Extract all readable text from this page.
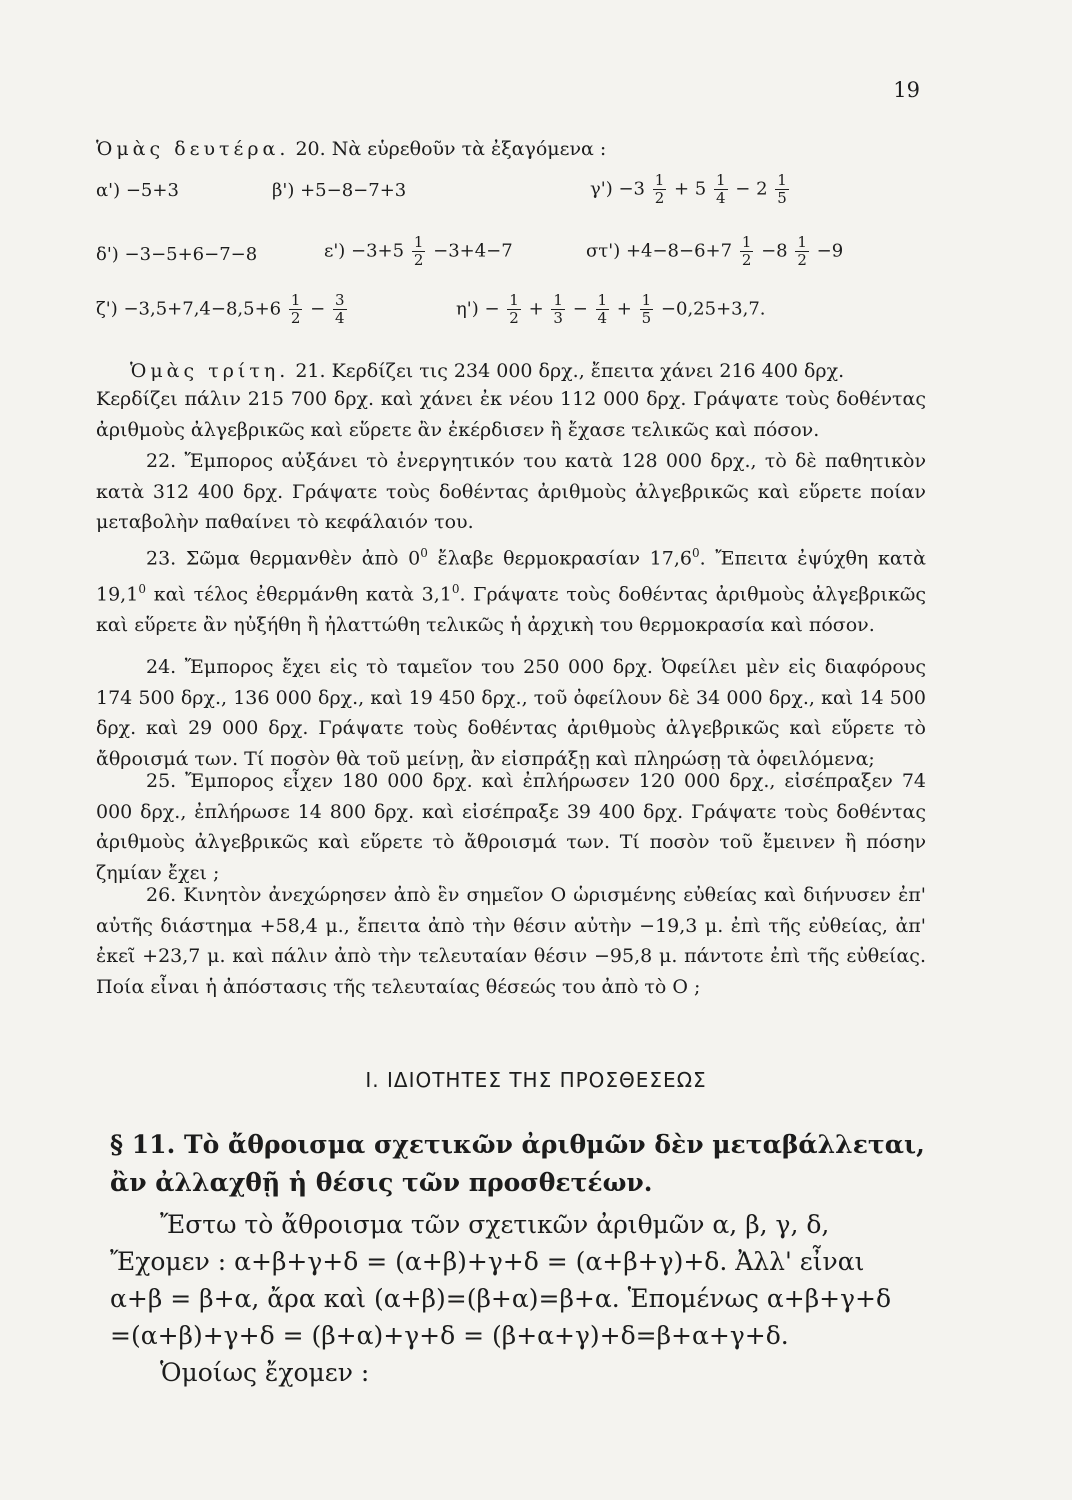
19
Ὁμὰς δευτέρα. 20. Νὰ εὑρεθοῦν τὰ ἐξαγόμενα :
α') −5+3	β') +5−8−7+3	$\gamma') -3 \frac{1}{2} + 5 \frac{1}{4} - 2 \frac{1}{5}$
δ') −3−5+6−7−8	$\varepsilon') -3+5 \frac{1}{2} -3+4-7$	$\sigma\tau') +4-8-6+7 \frac{1}{2} -8 \frac{1}{2} -9$
$\zeta') -3,5+7,4-8,5+6 \frac{1}{2} - \frac{3}{4}$	$\eta') - \frac{1}{2} + \frac{1}{3} - \frac{1}{4} + \frac{1}{5} -0,25+3,7$.
Ὁμὰς τρίτη. 21. Κερδίζει τις 234 000 δρχ., ἔπειτα χάνει 216 400 δρχ.
Κερδίζει πάλιν 215 700 δρχ. καὶ χάνει ἐκ νέου 112 000 δρχ. Γράψατε τοὺς δοθέντας ἀριθμοὺς ἀλγεβρικῶς καὶ εὕρετε ἂν ἐκέρδισεν ἢ ἔχασε τελικῶς καὶ πόσον.
22. Ἔμπορος αὐξάνει τὸ ἐνεργητικόν του κατὰ 128 000 δρχ., τὸ δὲ παθητικὸν κατὰ 312 400 δρχ. Γράψατε τοὺς δοθέντας ἀριθμοὺς ἀλγεβρικῶς καὶ εὕρετε ποίαν μεταβολὴν παθαίνει τὸ κεφάλαιόν του.
23. Σῶμα θερμανθὲν ἀπὸ $0^0$ ἔλαβε θερμοκρασίαν 17,6$^0$. Ἔπειτα ἐψύχθη κατὰ 19,1$^0$ καὶ τέλος ἐθερμάνθη κατὰ $3,1^0$. Γράψατε τοὺς δοθέντας ἀριθμοὺς ἀλγεβρικῶς καὶ εὕρετε ἂν ηὐξήθη ἢ ἠλαττώθη τελικῶς ἡ ἀρχικὴ του θερμοκρασία καὶ πόσον.
24. Ἔμπορος ἔχει εἰς τὸ ταμεῖον του 250 000 δρχ. Ὀφείλει μὲν εἰς διαφόρους 174 500 δρχ., 136 000 δρχ., καὶ 19 450 δρχ., τοῦ ὀφείλουν δὲ 34 000 δρχ., καὶ 14 500 δρχ. καὶ 29 000 δρχ. Γράψατε τοὺς δοθέντας ἀριθμοὺς ἀλγεβρικῶς καὶ εὕρετε τὸ ἄθροισμά των. Τί ποσὸν θὰ τοῦ μείνῃ, ἂν εἰσπράξῃ καὶ πληρώσῃ τὰ ὀφειλόμενα;
25. Ἔμπορος εἶχεν 180 000 δρχ. καὶ ἐπλήρωσεν 120 000 δρχ., εἰσέπραξεν 74 000 δρχ., ἐπλήρωσε 14 800 δρχ. καὶ εἰσέπραξε 39 400 δρχ. Γράψατε τοὺς δοθέντας ἀριθμοὺς ἀλγεβρικῶς καὶ εὕρετε τὸ ἄθροισμά των. Τί ποσὸν τοῦ ἔμεινεν ἢ πόσην ζημίαν ἔχει ;
26. Κινητὸν ἀνεχώρησεν ἀπὸ ἓν σημεῖον Ο ὡρισμένης εὐθείας καὶ διήνυσεν ἐπ' αὐτῆς διάστημα +58,4 μ., ἔπειτα ἀπὸ τὴν θέσιν αὐτὴν −19,3 μ. ἐπὶ τῆς εὐθείας, ἀπ' ἐκεῖ +23,7 μ. καὶ πάλιν ἀπὸ τὴν τελευταίαν θέσιν −95,8 μ. πάντοτε ἐπὶ τῆς εὐθείας. Ποία εἶναι ἡ ἀπόστασις τῆς τελευταίας θέσεώς του ἀπὸ τὸ Ο ;
I. ΙΔΙΟΤΗΤΕΣ ΤΗΣ ΠΡΟΣΘΕΣΕΩΣ
§ 11. Τὸ ἄθροισμα σχετικῶν ἀριθμῶν δὲν μεταβάλλεται, ἂν ἀλλαχθῇ ἡ θέσις τῶν προσθετέων.
Ἔστω τὸ ἄθροισμα τῶν σχετικῶν ἀριθμῶν α, β, γ, δ,
Ἔχομεν : α+β+γ+δ = (α+β)+γ+δ = (α+β+γ)+δ. Ἀλλ' εἶναι
α+β = β+α, ἄρα καὶ (α+β)=(β+α)=β+α. Ἑπομένως α+β+γ+δ
=(α+β)+γ+δ = (β+α)+γ+δ = (β+α+γ)+δ=β+α+γ+δ.
Ὁμοίως ἔχομεν :
